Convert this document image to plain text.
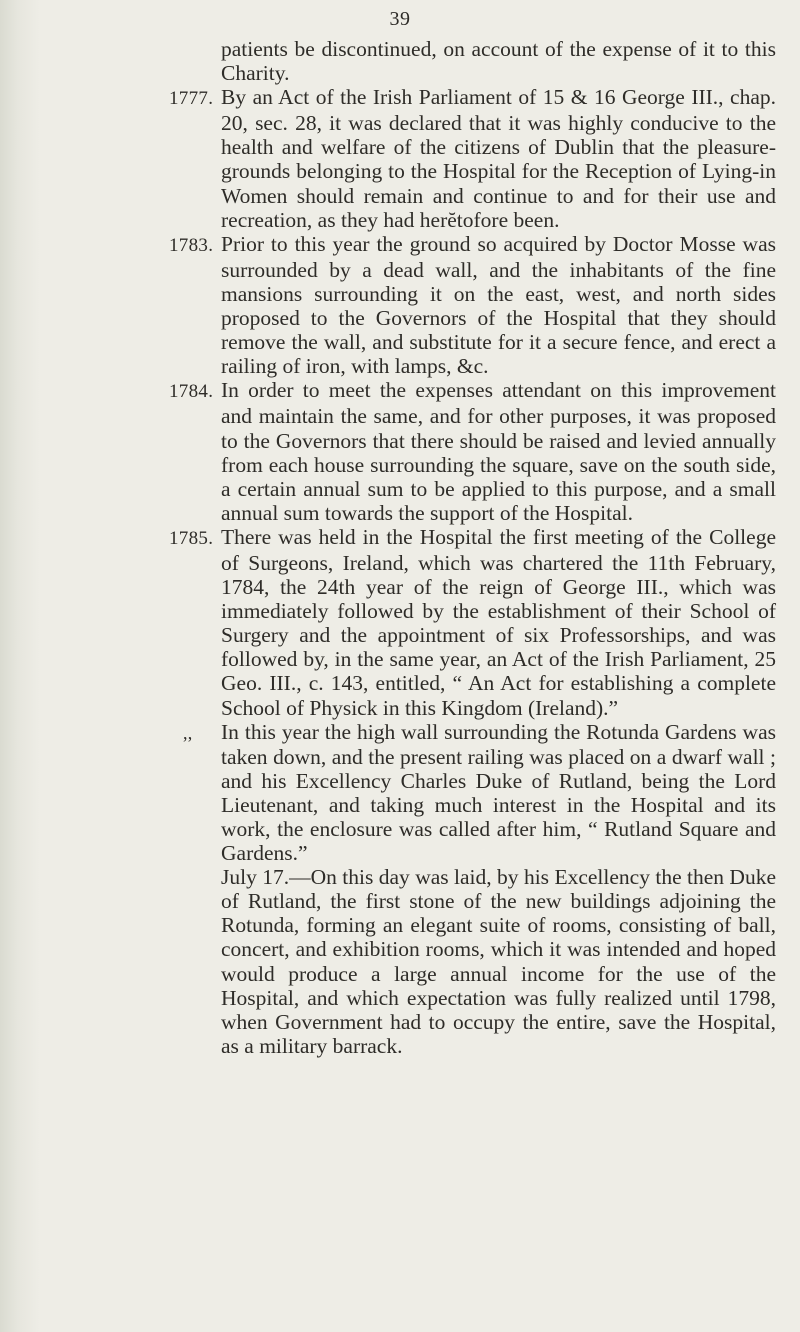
39

patients be discontinued, on account of the expense of it to this Charity.

1777. By an Act of the Irish Parliament of 15 & 16 George III., chap. 20, sec. 28, it was declared that it was highly conducive to the health and welfare of the citizens of Dublin that the pleasure-grounds belonging to the Hospital for the Reception of Lying-in Women should remain and continue to and for their use and recreation, as they had herĕtofore been.

1783. Prior to this year the ground so acquired by Doctor Mosse was surrounded by a dead wall, and the inhabitants of the fine mansions surrounding it on the east, west, and north sides proposed to the Governors of the Hospital that they should remove the wall, and substitute for it a secure fence, and erect a railing of iron, with lamps, &c.

1784. In order to meet the expenses attendant on this improvement and maintain the same, and for other purposes, it was proposed to the Governors that there should be raised and levied annually from each house surrounding the square, save on the south side, a certain annual sum to be applied to this purpose, and a small annual sum towards the support of the Hospital.

1785. There was held in the Hospital the first meeting of the College of Surgeons, Ireland, which was chartered the 11th February, 1784, the 24th year of the reign of George III., which was immediately followed by the establishment of their School of Surgery and the appointment of six Professorships, and was followed by, in the same year, an Act of the Irish Parliament, 25 Geo. III., c. 143, entitled, “ An Act for establishing a complete School of Physick in this Kingdom (Ireland).”

,, In this year the high wall surrounding the Rotunda Gardens was taken down, and the present railing was placed on a dwarf wall ; and his Excellency Charles Duke of Rutland, being the Lord Lieutenant, and taking much interest in the Hospital and its work, the enclosure was called after him, “ Rutland Square and Gardens.”

July 17.—On this day was laid, by his Excellency the then Duke of Rutland, the first stone of the new buildings adjoining the Rotunda, forming an elegant suite of rooms, consisting of ball, concert, and exhibition rooms, which it was intended and hoped would produce a large annual income for the use of the Hospital, and which expectation was fully realized until 1798, when Government had to occupy the entire, save the Hospital, as a military barrack.
